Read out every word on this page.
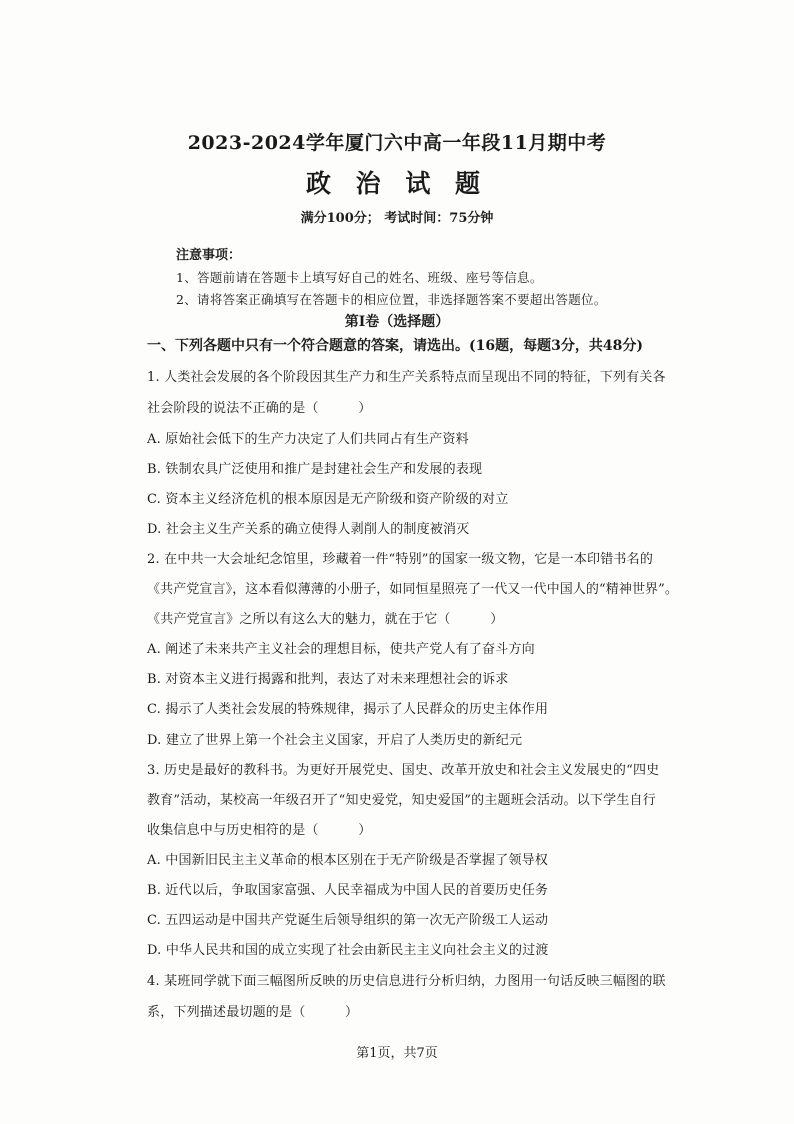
2023-2024学年厦门六中高一年段11月期中考
政 治 试 题
满分100分； 考试时间：75分钟
注意事项：
1、答题前请在答题卡上填写好自己的姓名、班级、座号等信息。
2、请将答案正确填写在答题卡的相应位置，非选择题答案不要超出答题位。
第Ⅰ卷（选择题）
一、下列各题中只有一个符合题意的答案，请选出。(16题，每题3分，共48分)
1. 人类社会发展的各个阶段因其生产力和生产关系特点而呈现出不同的特征，下列有关各
社会阶段的说法不正确的是（　　　）
A. 原始社会低下的生产力决定了人们共同占有生产资料
B. 铁制农具广泛使用和推广是封建社会生产和发展的表现
C. 资本主义经济危机的根本原因是无产阶级和资产阶级的对立
D. 社会主义生产关系的确立使得人剥削人的制度被消灭
2. 在中共一大会址纪念馆里，珍藏着一件“特别”的国家一级文物，它是一本印错书名的
《共产党宣言》，这本看似薄薄的小册子，如同恒星照亮了一代又一代中国人的“精神世界”。
《共产党宣言》之所以有这么大的魅力，就在于它（　　　）
A. 阐述了未来共产主义社会的理想目标，使共产党人有了奋斗方向
B. 对资本主义进行揭露和批判，表达了对未来理想社会的诉求
C. 揭示了人类社会发展的特殊规律，揭示了人民群众的历史主体作用
D. 建立了世界上第一个社会主义国家，开启了人类历史的新纪元
3. 历史是最好的教科书。为更好开展党史、国史、改革开放史和社会主义发展史的“四史
教育”活动，某校高一年级召开了“知史爱党，知史爱国”的主题班会活动。以下学生自行
收集信息中与历史相符的是（　　　）
A. 中国新旧民主主义革命的根本区别在于无产阶级是否掌握了领导权
B. 近代以后，争取国家富强、人民幸福成为中国人民的首要历史任务
C. 五四运动是中国共产党诞生后领导组织的第一次无产阶级工人运动
D. 中华人民共和国的成立实现了社会由新民主主义向社会主义的过渡
4. 某班同学就下面三幅图所反映的历史信息进行分析归纳，力图用一句话反映三幅图的联
系，下列描述最切题的是（　　　）
第1页，共7页
